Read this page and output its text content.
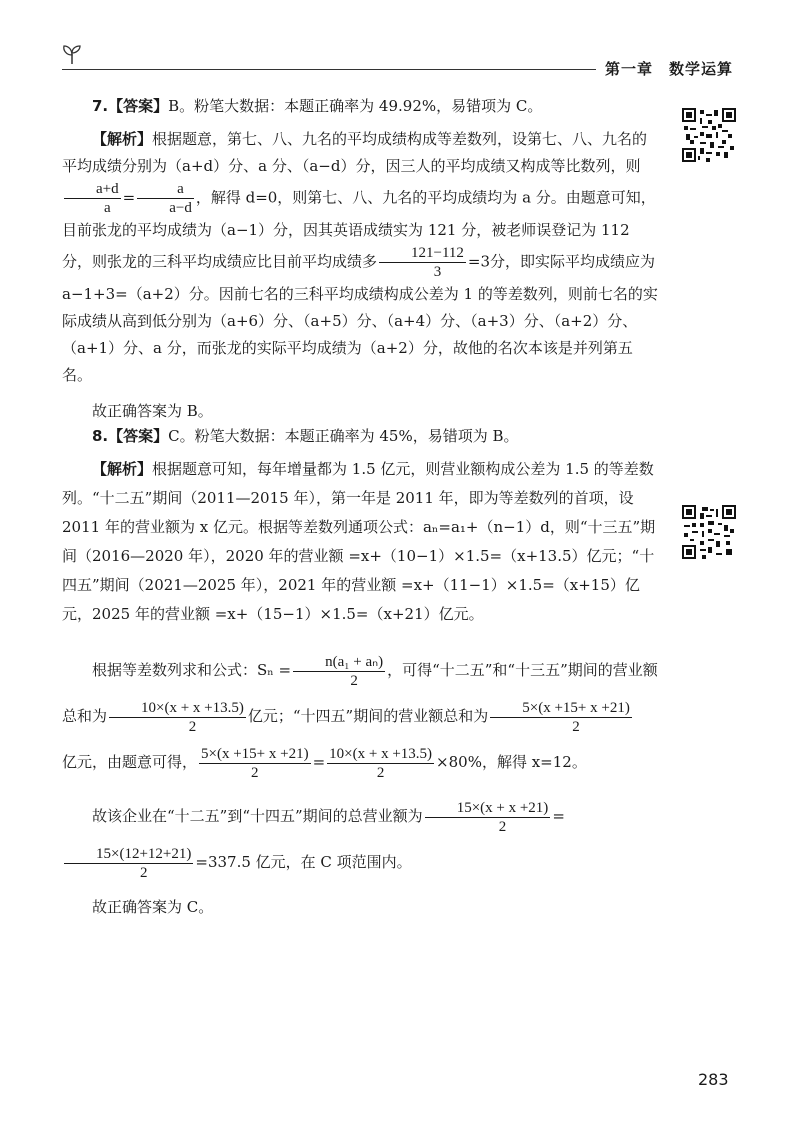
第一章　数学运算

7.【答案】B。粉笔大数据：本题正确率为 49.92%，易错项为 C。

【解析】根据题意，第七、八、九名的平均成绩构成等差数列，设第七、八、九名的平均成绩分别为（a+d）分、a 分、（a−d）分，因三人的平均成绩又构成等比数列，则
$\frac{a+d}{a} = \frac{a}{a-d}$ ，解得 d=0，则第七、八、九名的平均成绩均为 a 分。由题意可知，目前张龙的平均成绩为（a−1）分，因其英语成绩实为 121 分，被老师误登记为 112 分，则张龙的三科平均成绩应比目前平均成绩多 $\frac{121-112}{3} =3$分，即实际平均成绩应为 a−1+3=（a+2）分。因前七名的三科平均成绩构成公差为 1 的等差数列，则前七名的实际成绩从高到低分别为（a+6）分、（a+5）分、（a+4）分、（a+3）分、（a+2）分、（a+1）分、a 分，而张龙的实际平均成绩为（a+2）分，故他的名次本该是并列第五名。

故正确答案为 B。

8.【答案】C。粉笔大数据：本题正确率为 45%，易错项为 B。

【解析】根据题意可知，每年增量都为 1.5 亿元，则营业额构成公差为 1.5 的等差数列。“十二五”期间（2011—2015 年），第一年是 2011 年，即为等差数列的首项，设 2011 年的营业额为 x 亿元。根据等差数列通项公式：aₙ=a₁+（n−1）d，则“十三五”期间（2016—2020 年），2020 年的营业额 =x+（10−1）×1.5=（x+13.5）亿元；“十四五”期间（2021—2025 年），2021 年的营业额 =x+（11−1）×1.5=（x+15）亿元，2025 年的营业额 =x+（15−1）×1.5=（x+21）亿元。

根据等差数列求和公式：$S_n = \frac{\text{n(a₁ + aₙ)}}{2}$ ，可得“十二五”和“十三五”期间的营业额总和为 $\frac{10\times(x + x +13.5)}{2}$ 亿元；“十四五”期间的营业额总和为 $\frac{5\times(x +15+ x +21)}{2}$

亿元，由题意可得， $\frac{5\times(x +15+ x +21)}{2} = \frac{10\times(x + x +13.5)}{2} \times 80\%$，解得 x=12。

故该企业在“十二五”到“十四五”期间的总营业额为 $\frac{15\times(x + x +21)}{2}$ =
$\frac{15\times(12+12+21)}{2} =337.5$ 亿元，在 C 项范围内。

故正确答案为 C。

283
